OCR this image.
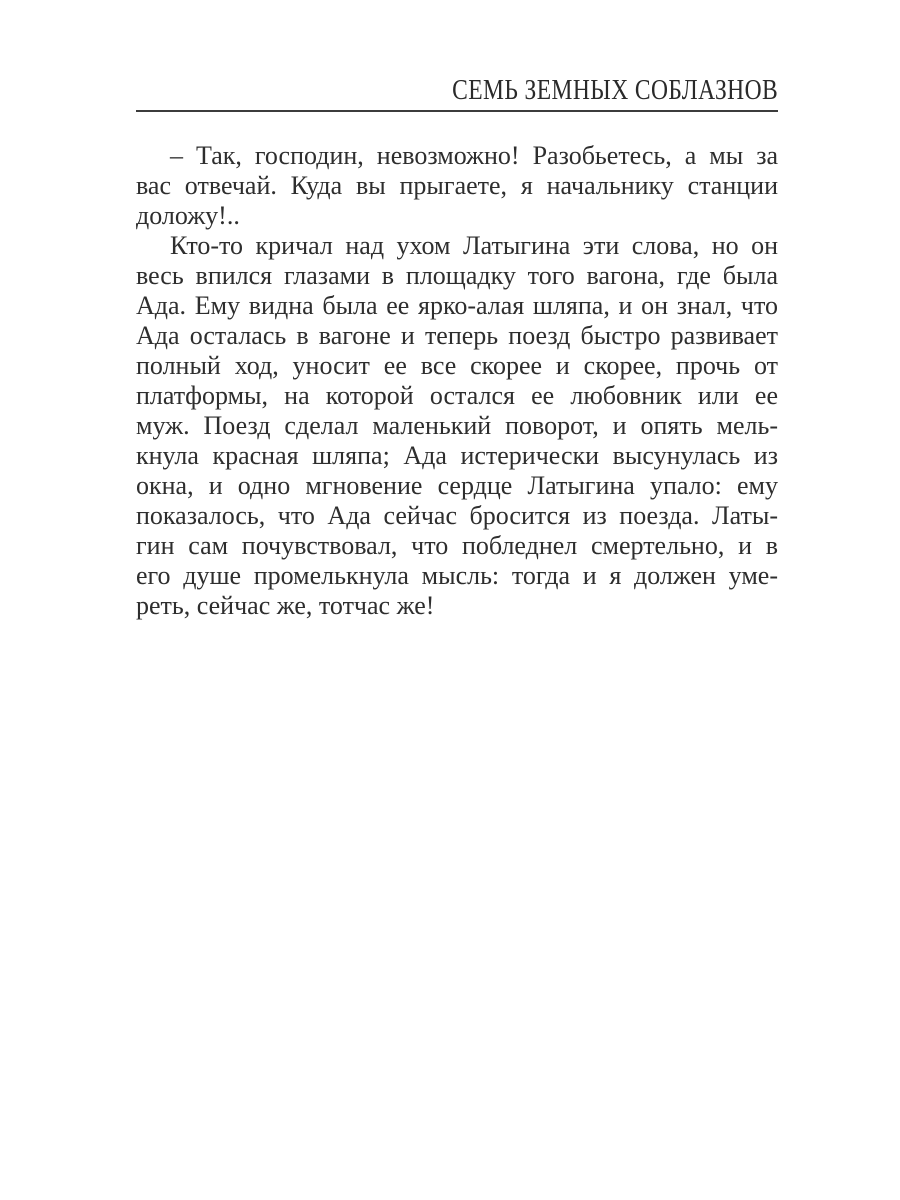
СЕМЬ ЗЕМНЫХ СОБЛАЗНОВ
– Так, господин, невозможно! Разобьетесь, а мы за
вас отвечай. Куда вы прыгаете, я начальнику станции
доложу!..
Кто-то кричал над ухом Латыгина эти слова, но он
весь впился глазами в площадку того вагона, где была
Ада. Ему видна была ее ярко-алая шляпа, и он знал, что
Ада осталась в вагоне и теперь поезд быстро развивает
полный ход, уносит ее все скорее и скорее, прочь от
платформы, на которой остался ее любовник или ее
муж. Поезд сделал маленький поворот, и опять мель-
кнула красная шляпа; Ада истерически высунулась из
окна, и одно мгновение сердце Латыгина упало: ему
показалось, что Ада сейчас бросится из поезда. Латы-
гин сам почувствовал, что побледнел смертельно, и в
его душе промелькнула мысль: тогда и я должен уме-
реть, сейчас же, тотчас же!
